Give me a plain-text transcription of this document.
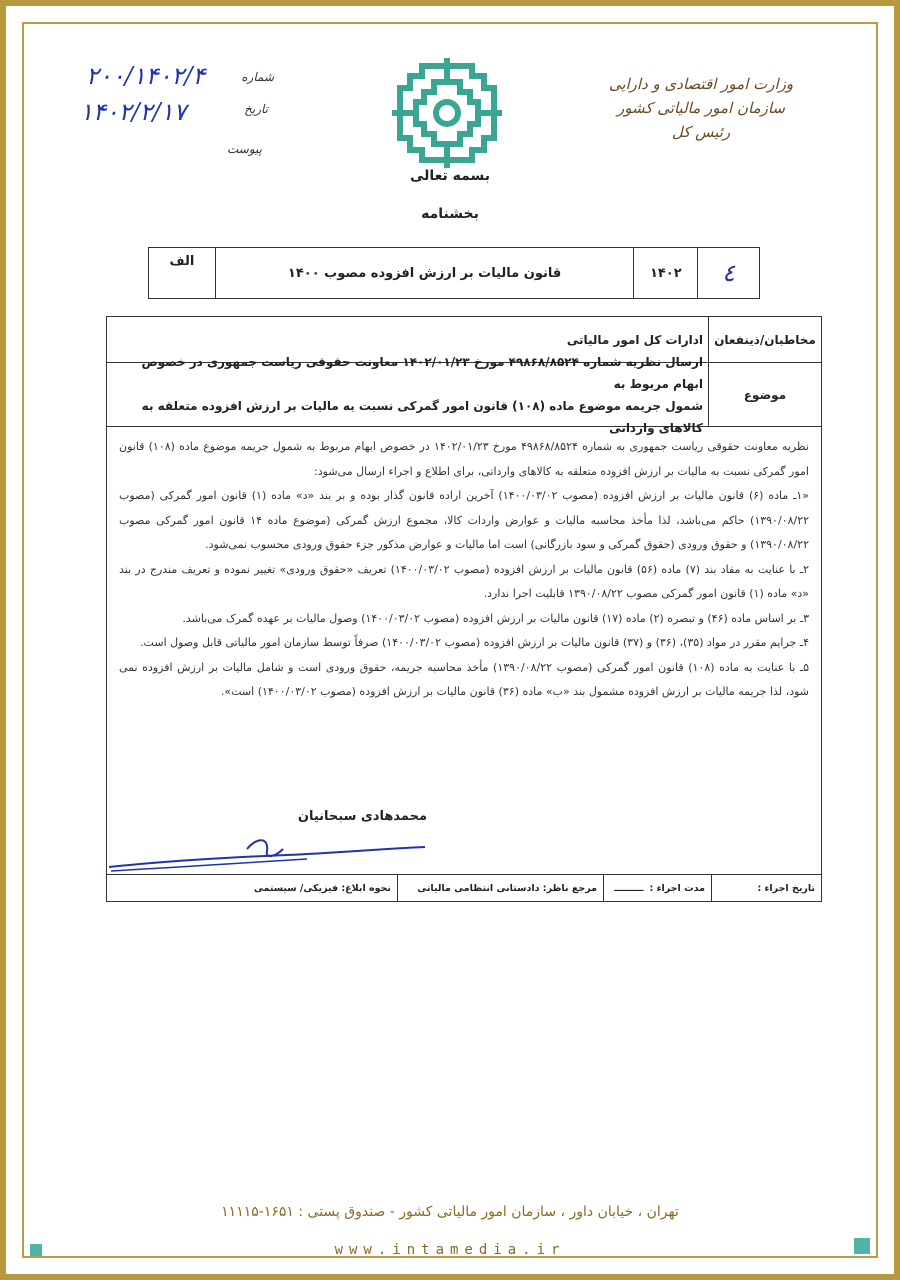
وزارت امور اقتصادی و دارایی
سازمان امور مالیاتی کشور
رئیس کل
شماره
۲۰۰/۱۴۰۲/۴
تاریخ
۱۴۰۲/۲/۱۷
پیوست
بسمه تعالی
بخشنامه
٤
۱۴۰۲
قانون مالیات بر ارزش افزوده مصوب ۱۴۰۰
الف
مخاطبان/ذینفعان
ادارات کل امور مالیاتی
موضوع
ارسال نظریه شماره ۴۹۸۶۸/۸۵۲۴ مورخ ۱۴۰۲/۰۱/۲۳ معاونت حقوقی ریاست جمهوری در خصوص ابهام مربوط به
شمول جریمه موضوع ماده (۱۰۸) قانون امور گمرکی نسبت به مالیات بر ارزش افزوده متعلقه به کالاهای وارداتی

نظریه معاونت حقوقی ریاست جمهوری به شماره ۴۹۸۶۸/۸۵۲۴ مورخ ۱۴۰۲/۰۱/۲۳ در خصوص ابهام مربوط به شمول جریمه موضوع ماده (۱۰۸) قانون امور گمرکی نسبت به مالیات بر ارزش افزوده متعلقه به کالاهای وارداتی، برای اطلاع و اجراء ارسال می‌شود:

«۱ـ ماده (۶) قانون مالیات بر ارزش افزوده (مصوب ۱۴۰۰/۰۳/۰۲) آخرین اراده قانون گذار بوده و بر بند «د» ماده (۱) قانون امور گمرکی (مصوب ۱۳۹۰/۰۸/۲۲) حاکم می‌باشد، لذا مأخذ محاسبه مالیات و عوارض واردات کالا، مجموع ارزش گمرکی (موضوع ماده ۱۴ قانون امور گمرکی مصوب ۱۳۹۰/۰۸/۲۲) و حقوق ورودی (حقوق گمرکی و سود بازرگانی) است اما مالیات و عوارض مذکور جزء حقوق ورودی محسوب نمی‌شود.

۲ـ با عنایت به مفاد بند (۷) ماده (۵۶) قانون مالیات بر ارزش افزوده (مصوب ۱۴۰۰/۰۳/۰۲) تعریف «حقوق ورودی» تغییر نموده و تعریف مندرج در بند «د» ماده (۱) قانون امور گمرکی مصوب ۱۳۹۰/۰۸/۲۲ قابلیت اجرا ندارد.

۳ـ بر اساس ماده (۴۶) و تبصره (۲) ماده (۱۷) قانون مالیات بر ارزش افزوده (مصوب ۱۴۰۰/۰۳/۰۲) وصول مالیات بر عهده گمرک می‌باشد.

۴ـ جرایم مقرر در مواد (۳۵)، (۳۶) و (۳۷) قانون مالیات بر ارزش افزوده (مصوب ۱۴۰۰/۰۳/۰۲) صرفاً توسط سازمان امور مالیاتی قابل وصول است.

۵ـ با عنایت به ماده (۱۰۸) قانون امور گمرکی (مصوب ۱۳۹۰/۰۸/۲۲) مأخذ محاسبه جریمه، حقوق ورودی است و شامل مالیات بر ارزش افزوده نمی شود، لذا جریمه مالیات بر ارزش افزوده مشمول بند «ب» ماده (۳۶) قانون مالیات بر ارزش افزوده (مصوب ۱۴۰۰/۰۳/۰۲) است».

محمدهادی سبحانیان
تاریخ اجراء :
مدت اجراء :
ـــــــــ
مرجع ناظر: دادستانی انتظامی مالیاتی
نحوه ابلاغ: فیزیکی/ سیستمی
تهران ، خیابان داور ، سازمان امور مالیاتی کشور - صندوق پستی : ۱۶۵۱-۱۱۱۱۵
www.intamedia.ir
